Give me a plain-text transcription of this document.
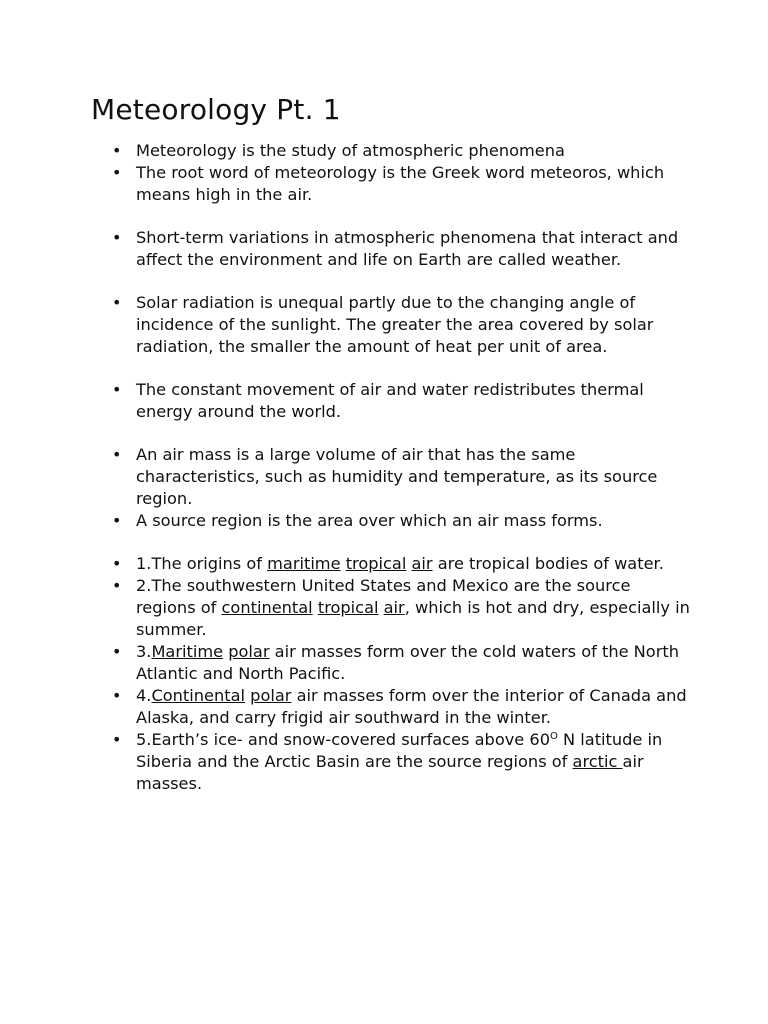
Meteorology Pt. 1
• Meteorology is the study of atmospheric phenomena
• The root word of meteorology is the Greek word meteoros, which means high in the air.
• Short-term variations in atmospheric phenomena that interact and affect the environment and life on Earth are called weather.
• Solar radiation is unequal partly due to the changing angle of incidence of the sunlight. The greater the area covered by solar radiation, the smaller the amount of heat per unit of area.
• The constant movement of air and water redistributes thermal energy around the world.
• An air mass is a large volume of air that has the same characteristics, such as humidity and temperature, as its source region.
• A source region is the area over which an air mass forms.
• 1.The origins of maritime tropical air are tropical bodies of water.
• 2.The southwestern United States and Mexico are the source regions of continental tropical air, which is hot and dry, especially in summer.
• 3.Maritime polar air masses form over the cold waters of the North Atlantic and North Pacific.
• 4.Continental polar air masses form over the interior of Canada and Alaska, and carry frigid air southward in the winter.
• 5.Earth’s ice- and snow-covered surfaces above $60^O$ N latitude in Siberia and the Arctic Basin are the source regions of arctic air masses.
